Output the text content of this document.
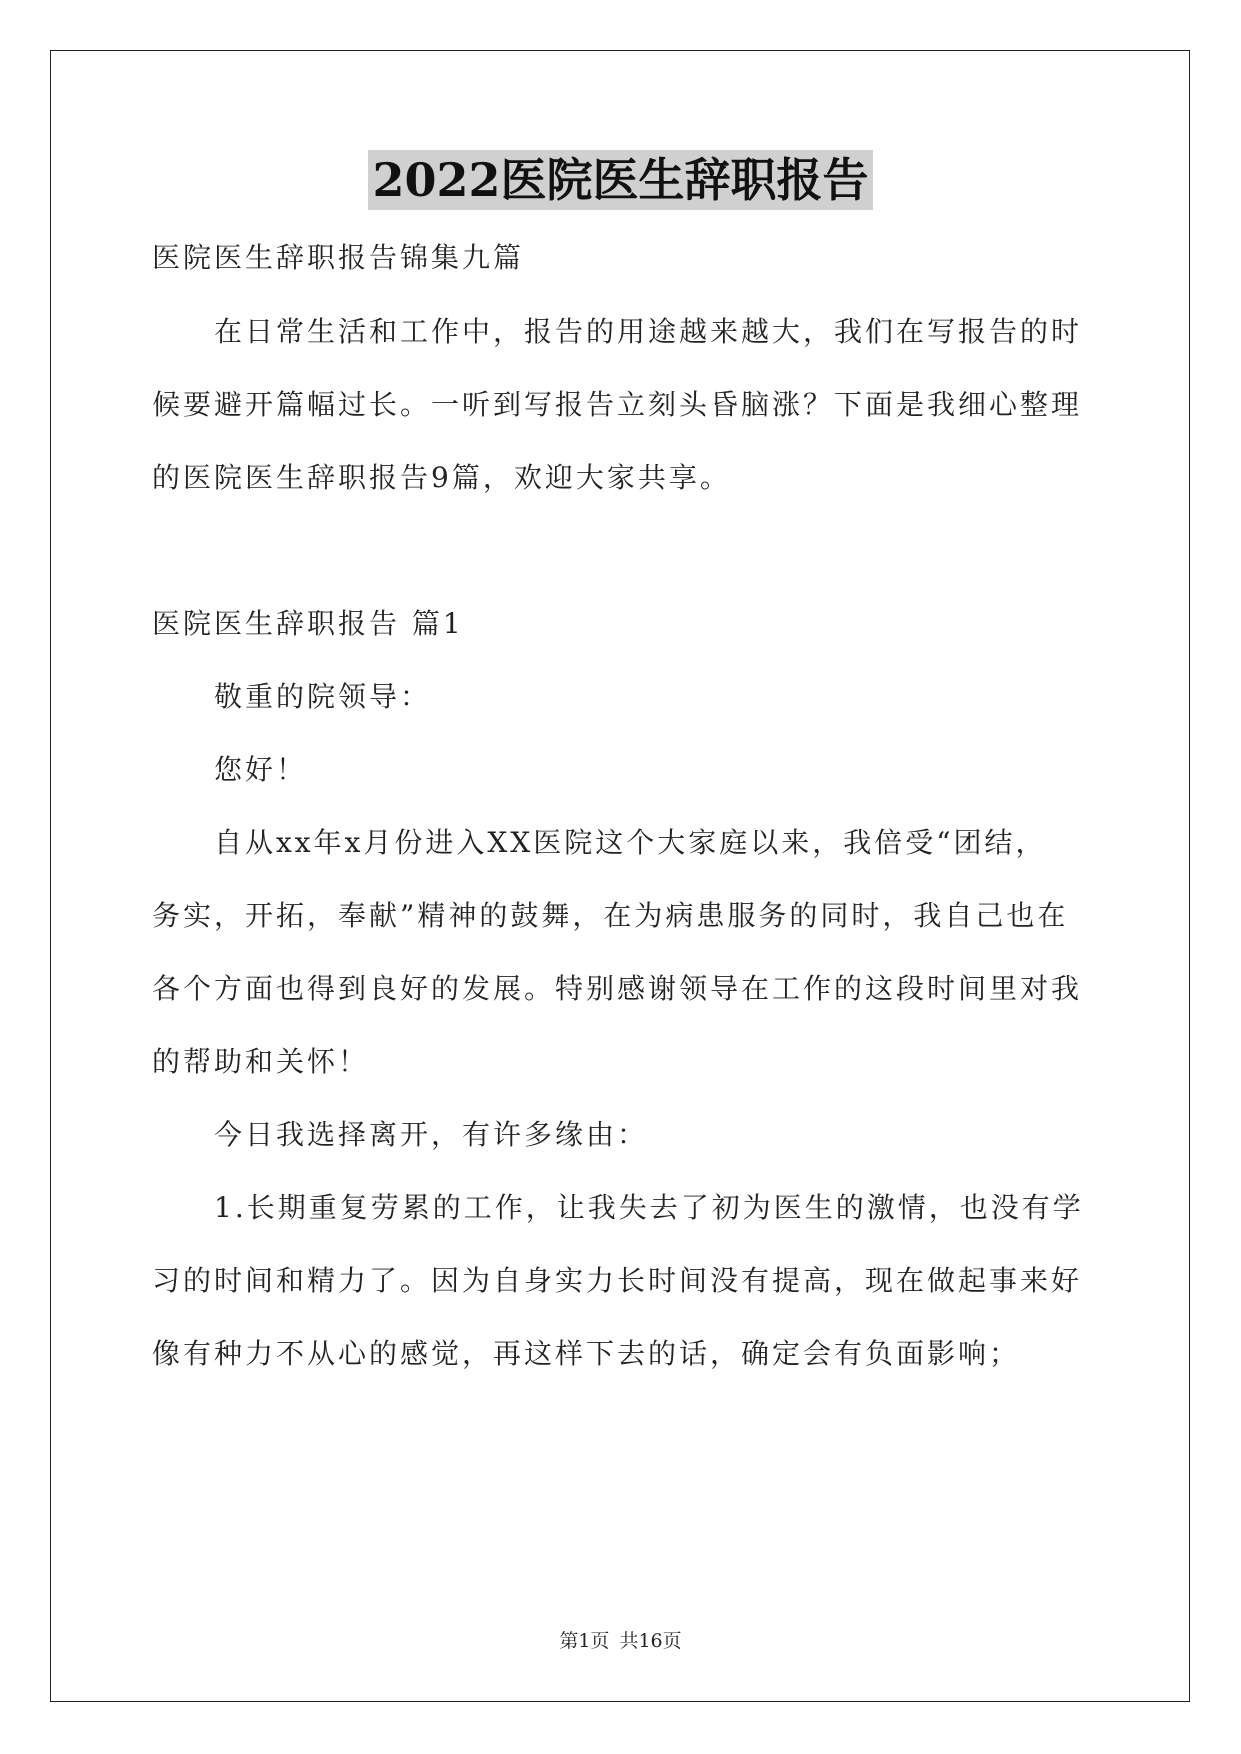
2022医院医生辞职报告
医院医生辞职报告锦集九篇
在日常生活和工作中，报告的用途越来越大，我们在写报告的时
候要避开篇幅过长。一听到写报告立刻头昏脑涨？下面是我细心整理
的医院医生辞职报告9篇，欢迎大家共享。
医院医生辞职报告 篇1
敬重的院领导：
您好！
自从xx年x月份进入XX医院这个大家庭以来，我倍受“团结，
务实，开拓，奉献”精神的鼓舞，在为病患服务的同时，我自己也在
各个方面也得到良好的发展。特别感谢领导在工作的这段时间里对我
的帮助和关怀！
今日我选择离开，有许多缘由：
1.长期重复劳累的工作，让我失去了初为医生的激情，也没有学
习的时间和精力了。因为自身实力长时间没有提高，现在做起事来好
像有种力不从心的感觉，再这样下去的话，确定会有负面影响；
第1页 共16页
